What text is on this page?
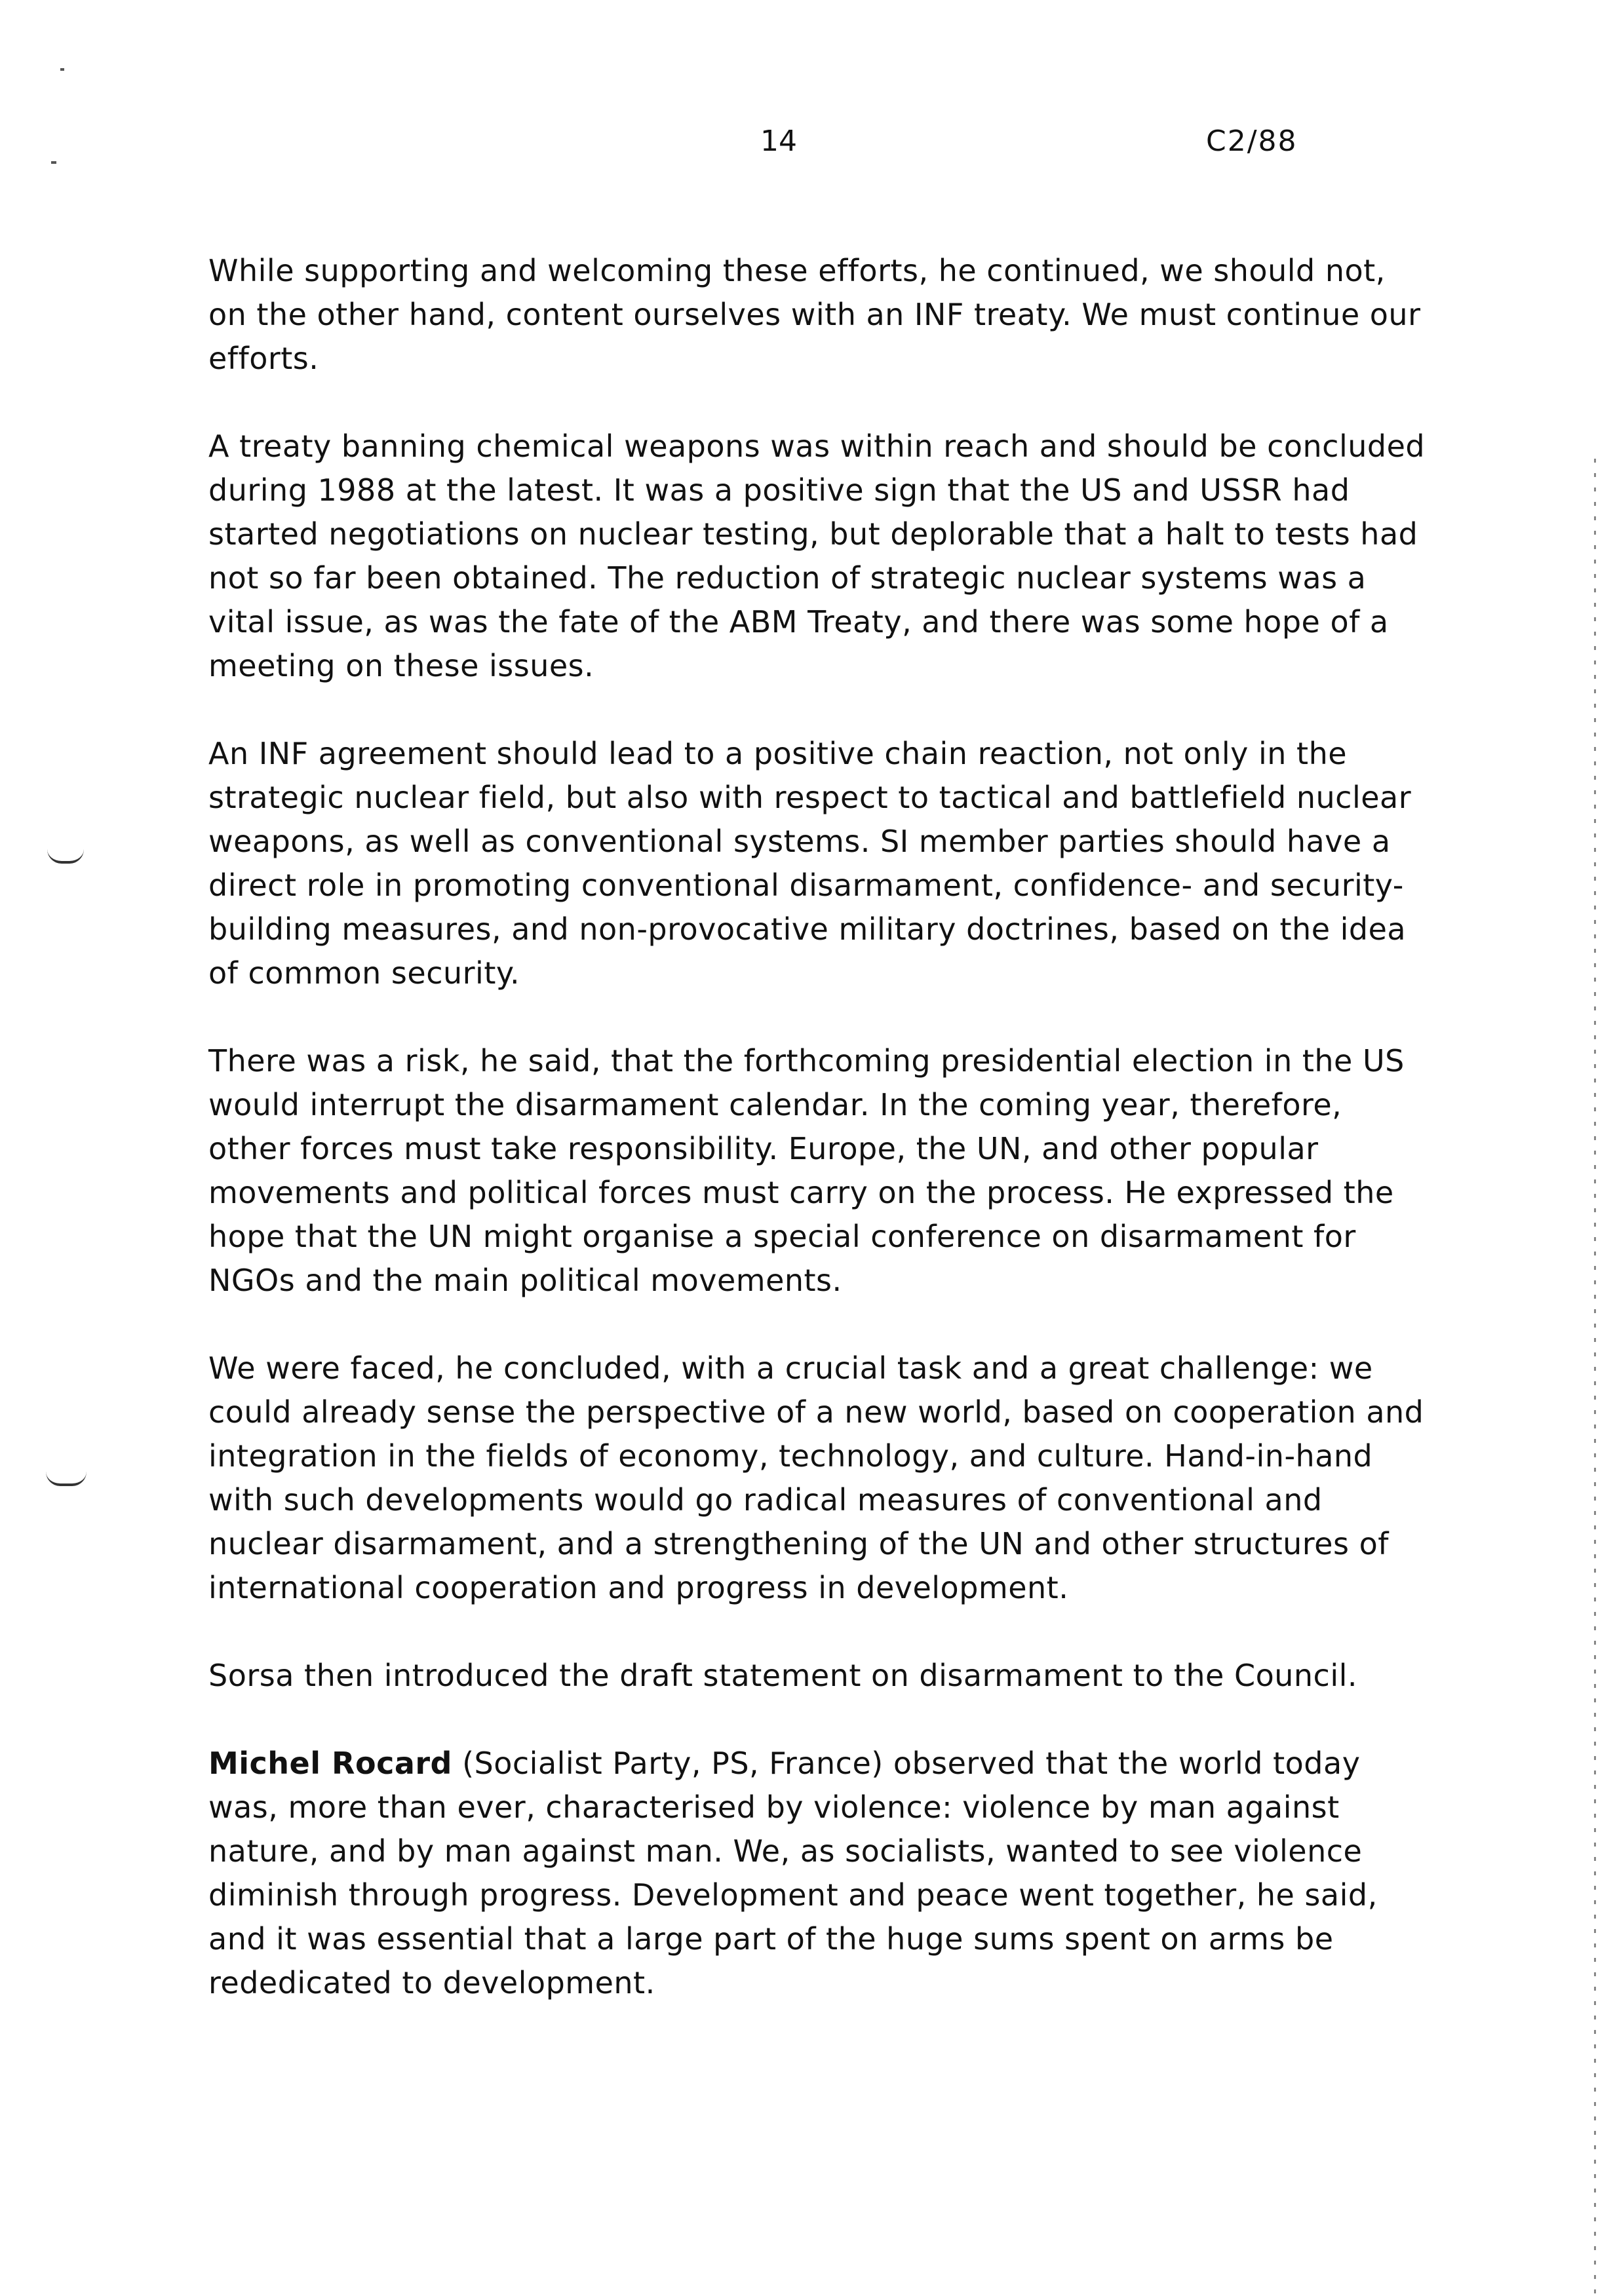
14	C2/88

While supporting and welcoming these efforts, he continued, we should not, on the other hand, content ourselves with an INF treaty. We must continue our efforts.

A treaty banning chemical weapons was within reach and should be concluded during 1988 at the latest. It was a positive sign that the US and USSR had started negotiations on nuclear testing, but deplorable that a halt to tests had not so far been obtained. The reduction of strategic nuclear systems was a vital issue, as was the fate of the ABM Treaty, and there was some hope of a meeting on these issues.

An INF agreement should lead to a positive chain reaction, not only in the strategic nuclear field, but also with respect to tactical and battlefield nuclear weapons, as well as conventional systems. SI member parties should have a direct role in promoting conventional disarmament, confidence- and security-building measures, and non-provocative military doctrines, based on the idea of common security.

There was a risk, he said, that the forthcoming presidential election in the US would interrupt the disarmament calendar. In the coming year, therefore, other forces must take responsibility. Europe, the UN, and other popular movements and political forces must carry on the process. He expressed the hope that the UN might organise a special conference on disarmament for NGOs and the main political movements.

We were faced, he concluded, with a crucial task and a great challenge: we could already sense the perspective of a new world, based on cooperation and integration in the fields of economy, technology, and culture. Hand-in-hand with such developments would go radical measures of conventional and nuclear disarmament, and a strengthening of the UN and other structures of international cooperation and progress in development.

Sorsa then introduced the draft statement on disarmament to the Council.

Michel Rocard (Socialist Party, PS, France) observed that the world today was, more than ever, characterised by violence: violence by man against nature, and by man against man. We, as socialists, wanted to see violence diminish through progress. Development and peace went together, he said, and it was essential that a large part of the huge sums spent on arms be rededicated to development.
